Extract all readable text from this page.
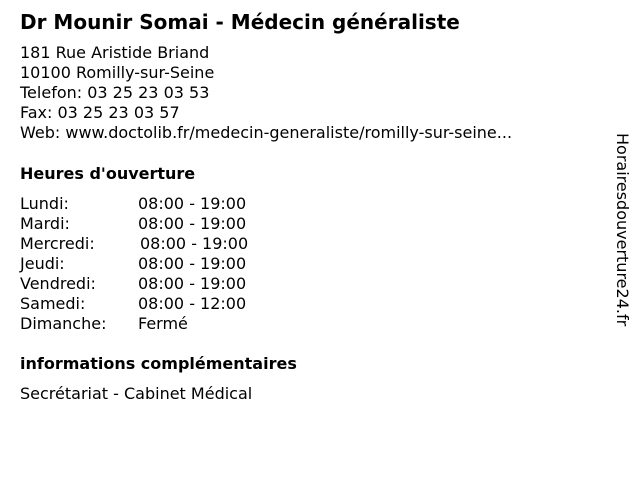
Dr Mounir Somai - Médecin généraliste
181 Rue Aristide Briand
10100 Romilly-sur-Seine
Telefon: 03 25 23 03 53
Fax: 03 25 23 03 57
Web: www.doctolib.fr/medecin-generaliste/romilly-sur-seine...
Heures d'ouverture
Lundi:	08:00 - 19:00
Mardi:	08:00 - 19:00
Mercredi:	08:00 - 19:00
Jeudi:	08:00 - 19:00
Vendredi:	08:00 - 19:00
Samedi:	08:00 - 12:00
Dimanche: Fermé
informations complémentaires
Secrétariat - Cabinet Médical
Horairesdouverture24.fr
